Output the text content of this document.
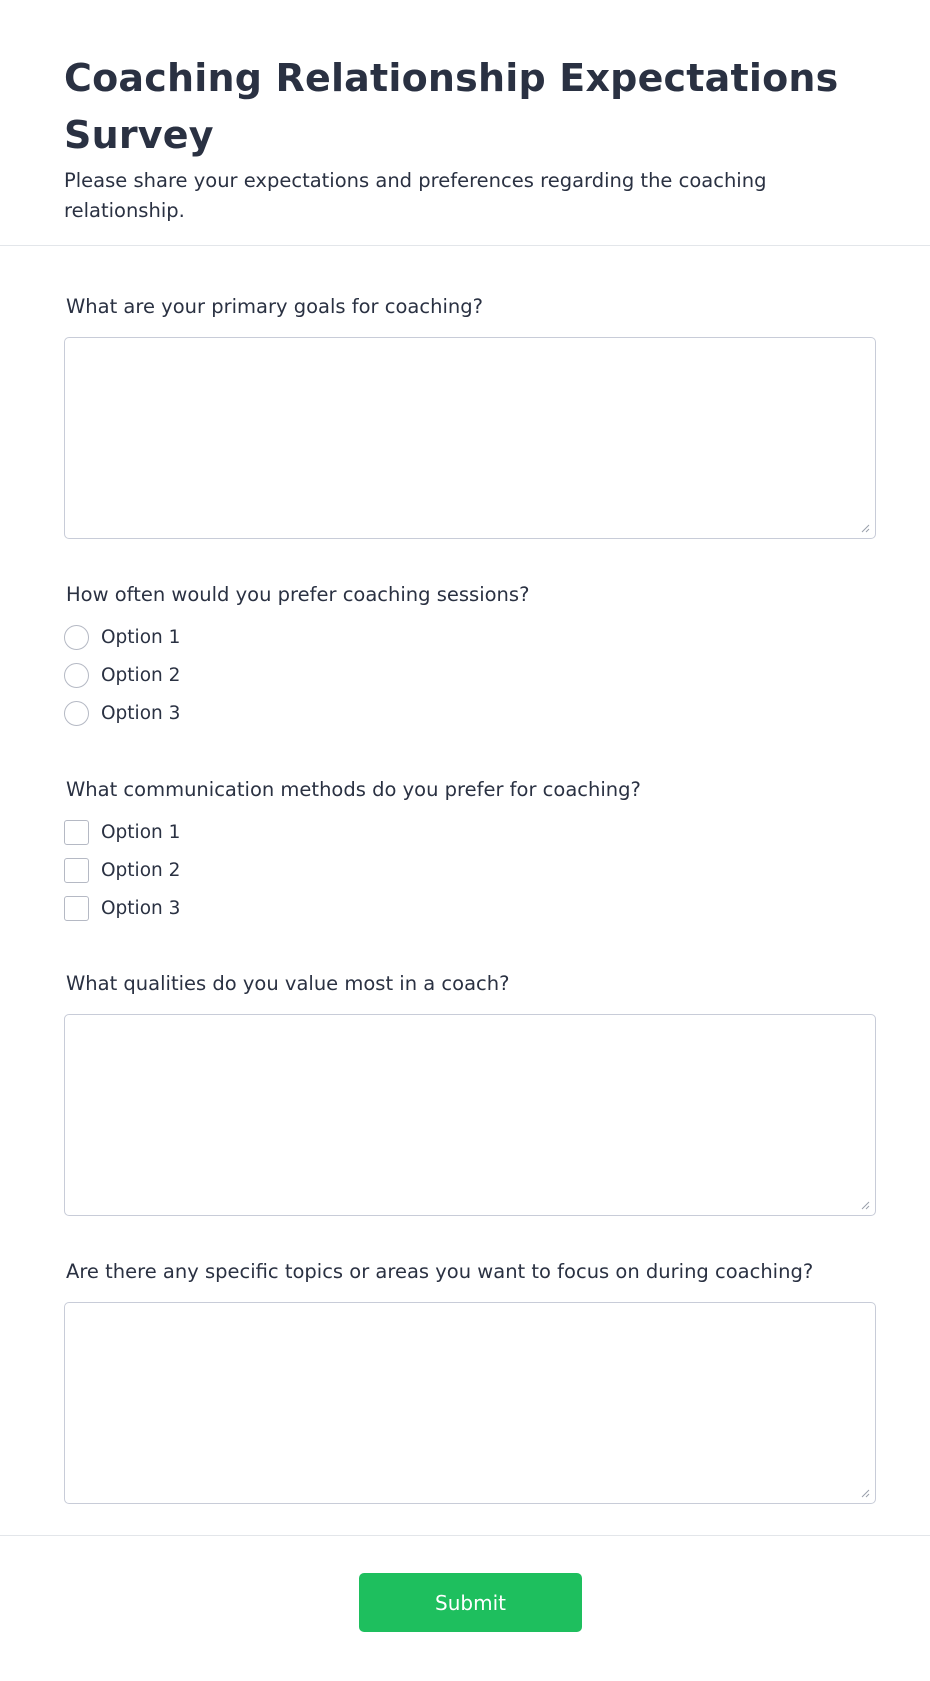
Coaching Relationship Expectations Survey

Please share your expectations and preferences regarding the coaching relationship.

What are your primary goals for coaching?
How often would you prefer coaching sessions?
Option 1
Option 2
Option 3
What communication methods do you prefer for coaching?
Option 1
Option 2
Option 3
What qualities do you value most in a coach?
Are there any specific topics or areas you want to focus on during coaching?
Submit
